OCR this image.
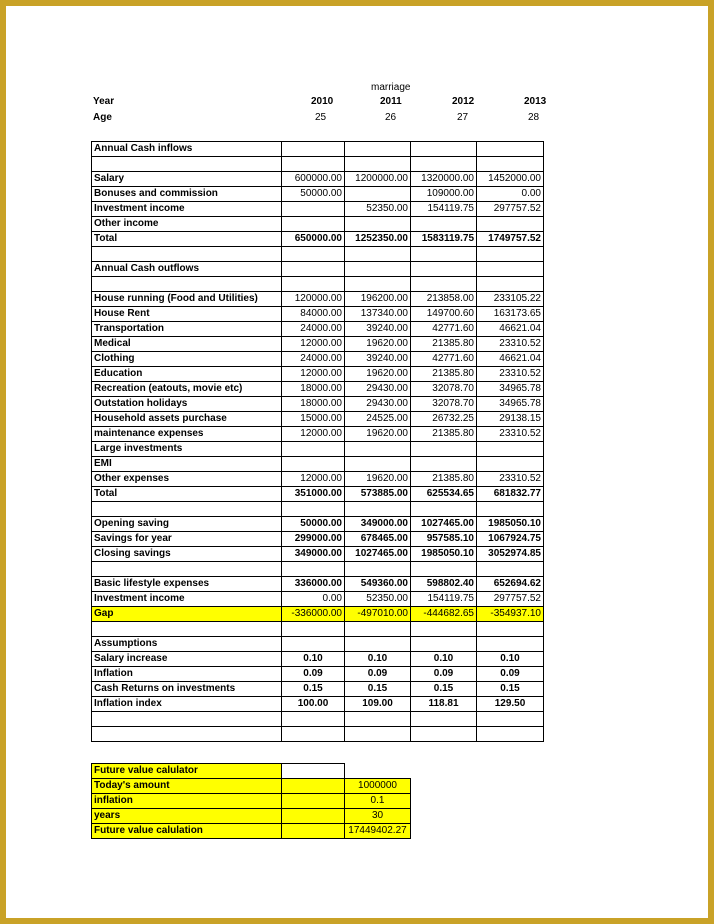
marriage
Year	2010	2011	2012	2013
Age	25	26	27	28
Annual Cash inflows				

Salary	600000.00	1200000.00	1320000.00	1452000.00
Bonuses and commission	50000.00		109000.00	0.00
Investment income		52350.00	154119.75	297757.52
Other income				
Total	650000.00	1252350.00	1583119.75	1749757.52

Annual Cash outflows				

House running (Food and Utilities)	120000.00	196200.00	213858.00	233105.22
House Rent	84000.00	137340.00	149700.60	163173.65
Transportation	24000.00	39240.00	42771.60	46621.04
Medical	12000.00	19620.00	21385.80	23310.52
Clothing	24000.00	39240.00	42771.60	46621.04
Education	12000.00	19620.00	21385.80	23310.52
Recreation (eatouts, movie etc)	18000.00	29430.00	32078.70	34965.78
Outstation holidays	18000.00	29430.00	32078.70	34965.78
Household assets purchase	15000.00	24525.00	26732.25	29138.15
maintenance expenses	12000.00	19620.00	21385.80	23310.52
Large investments				
EMI				
Other expenses	12000.00	19620.00	21385.80	23310.52
Total	351000.00	573885.00	625534.65	681832.77

Opening saving	50000.00	349000.00	1027465.00	1985050.10
Savings for year	299000.00	678465.00	957585.10	1067924.75
Closing savings	349000.00	1027465.00	1985050.10	3052974.85

Basic lifestyle expenses	336000.00	549360.00	598802.40	652694.62
Investment income	0.00	52350.00	154119.75	297757.52
Gap	-336000.00	-497010.00	-444682.65	-354937.10

Assumptions				
Salary increase	0.10	0.10	0.10	0.10
Inflation	0.09	0.09	0.09	0.09
Cash Returns on investments	0.15	0.15	0.15	0.15
Inflation index	100.00	109.00	118.81	129.50

Future value calulator		
Today's amount		1000000
inflation		0.1
years		30
Future value calulation		17449402.27
